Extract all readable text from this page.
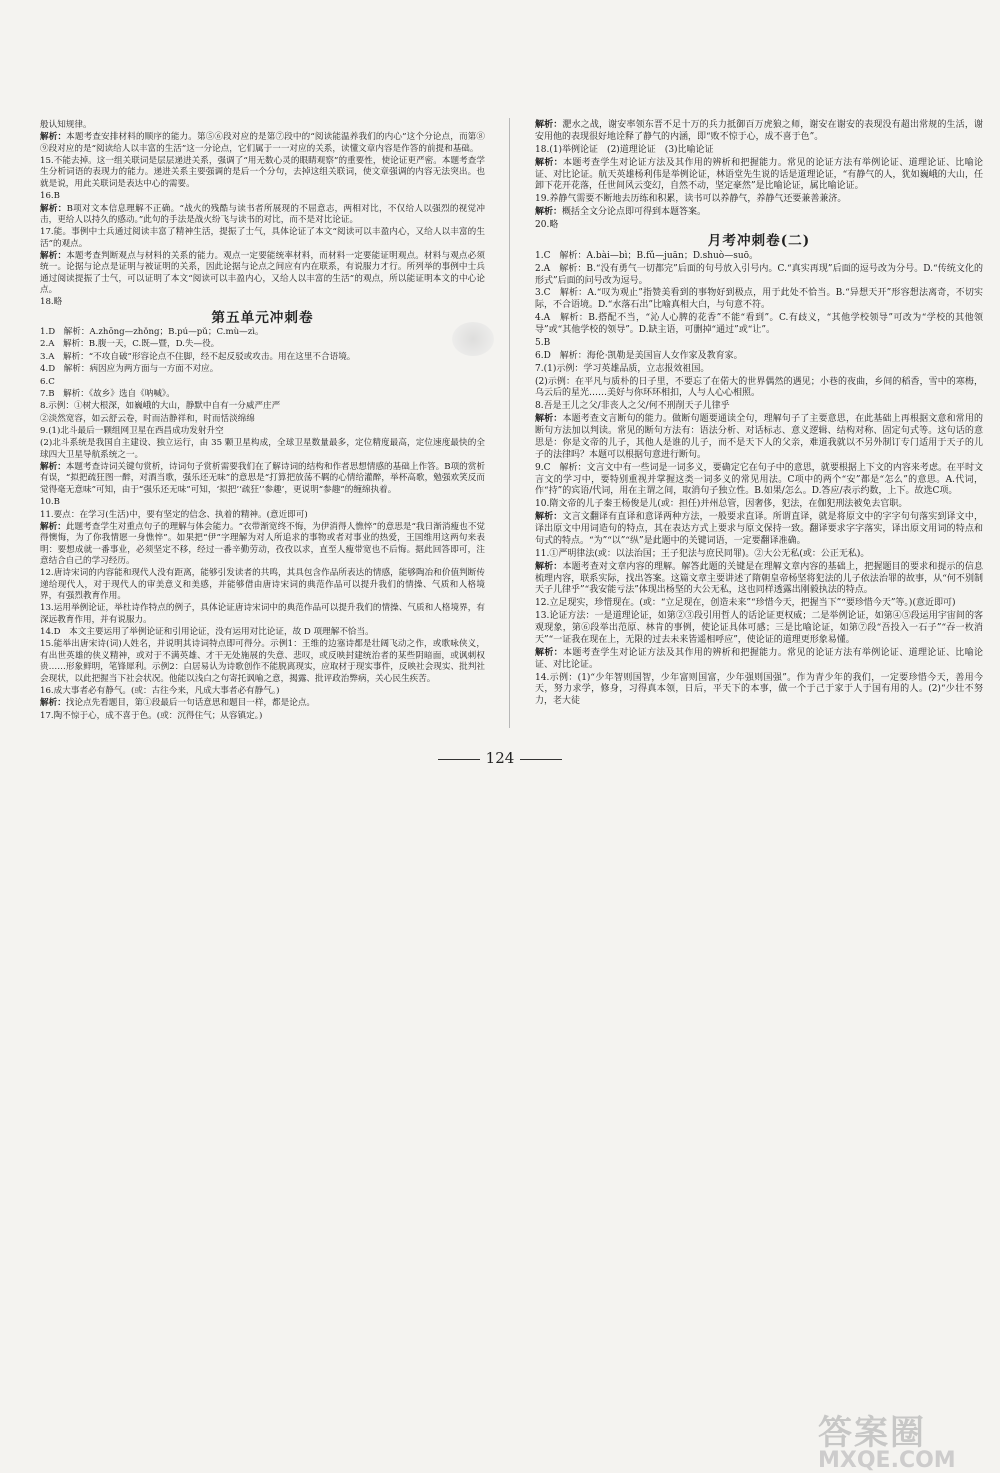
般认知规律。
解析：本题考查安排材料的顺序的能力。第⑤⑥段对应的是第⑦段中的“阅读能温养我们的内心”这个分论点，而第⑧⑨段对应的是“阅读给人以丰富的生活”这一分论点，它们属于一一对应的关系，读懂文章内容是作答的前提和基础。
15.不能去掉。这一组关联词是层层递进关系，强调了“用无数心灵的眼睛观察”的重要性，使论证更严密。本题考查学生分析词语的表现力的能力。递进关系主要强调的是后一个分句，去掉这组关联词，使文章强调的内容无法突出。也就是说，用此关联词是表达中心的需要。
16.B　
解析：B项对文本信息理解不正确。“战火的残酷与读书者所展现的不屈意志，两相对比，不仅给人以强烈的视觉冲击，更给人以持久的感动。”此句的手法是战火纷飞与读书的对比，而不是对比论证。
17.能。事例中士兵通过阅读丰富了精神生活，提振了士气，具体论证了本文“阅读可以丰盈内心，又给人以丰富的生活”的观点。
解析：本题考查判断观点与材料的关系的能力。观点一定要能统率材料，而材料一定要能证明观点。材料与观点必须统一。论据与论点是证明与被证明的关系，因此论据与论点之间应有内在联系，有说服力才行。所列举的事例中士兵通过阅读提振了士气，可以证明了本文“阅读可以丰盈内心，又给人以丰富的生活”的观点，所以能证明本文的中心论点。
18.略
第五单元冲刺卷
1.D　解析：A.zhōng—zhǒng；B.pú—pǔ；C.mù—zì。
2.A　解析：B.腹一天，C.既—暨，D.失—役。
3.A　解析：“不攻自破”形容论点不住脚，经不起反驳或攻击。用在这里不合语境。
4.D　解析：病因应为两方面与一方面不对应。
6.C
7.B　解析：《故乡》选自《呐喊》。
8.示例：①树大根深，如巍峨的大山，静默中自有一分威严庄严
②淡然宽容，如云舒云卷，时而洁静祥和，时而恬淡绵绵
9.(1)北斗最后一颗组网卫星在西昌成功发射升空
(2)北斗系统是我国自主建设、独立运行，由 35 颗卫星构成，全球卫星数量最多，定位精度最高，定位速度最快的全球四大卫星导航系统之一。
解析：本题考查诗词关键句赏析，诗词句子赏析需要我们在了解诗词的结构和作者思想情感的基础上作答。B项的赏析有误，“拟把疏狂图一醉，对酒当歌，强乐还无味”的意思是“打算把放荡不羁的心情给灌醉，举杯高歌，勉强欢笑反而觉得毫无意味”可知，由于“强乐还无味”可知，‘拟把’‘疏狂’‘参趣’，更说明“参趣”的缠绵执着。
10.B
11.要点：在学习(生活)中，要有坚定的信念、执着的精神。(意近即可)
解析：此题考查学生对重点句子的理解与体会能力。“衣带渐宽终不悔，为伊消得人憔悴”的意思是“我日渐消瘦也不觉得懊悔，为了你我情愿一身憔悴”。如果把“伊”字理解为对人所追求的事物或者对事业的热爱，王国维用这两句来表明：要想成就一番事业，必须坚定不移，经过一番辛勤劳动，孜孜以求，直至人瘦带宽也不后悔。据此回答即可，注意结合自己的学习经历。
12.唐诗宋词的内容能和现代人没有距离，能够引发读者的共鸣，其具包含作品所表达的情感，能够陶冶和价值判断传递给现代人，对于现代人的审美意义和美感，并能够借由唐诗宋词的典范作品可以提升我们的情操、气质和人格境界，有强烈教育作用。
13.运用举例论证，举杜诗作特点的例子，具体论证唐诗宋词中的典范作品可以提升我们的情操、气质和人格境界，有深远教育作用，并有说服力。
14.D　本文主要运用了举例论证和引用论证，没有运用对比论证，故 D 项理解不恰当。
15.能举出唐宋诗(词)人姓名，并说明其诗词特点即可得分。示例1：王维的边塞诗都是壮阔飞动之作，或歌咏侠义，有出世英雄的侠义精神，或对于不满英雄、才干无处施展的失意、悲叹，或反映封建统治者的某些阴暗面，或讽刺权贵……形象鲜明，笔锋犀利。示例2：白居易认为诗歌创作不能脱离现实，应取材于现实事件，反映社会现实、批判社会现状，以此把握当下社会状况。他能以浅白之句寄托讽喻之意，揭露、批评政治弊病，关心民生疾苦。
16.成大事者必有静气。(或：古往今来，凡成大事者必有静气。)
解析：找论点先看题目，第①段最后一句话意思和题目一样，都是论点。
17.陶不惊于心，成不喜于色。(或：沉得住气；从容镇定。)
解析：淝水之战，谢安率领东晋不足十万的兵力抵御百万虎狼之师，谢安在谢安的表现没有超出常规的生活，谢安用他的表现很好地诠释了静气的内涵，即“败不惊于心，成不喜于色”。
18.(1)举例论证　(2)道理论证　(3)比喻论证
解析：本题考查学生对论证方法及其作用的辨析和把握能力。常见的论证方法有举例论证、道理论证、比喻论证、对比论证。航天英雄杨利伟是举例论证，林语堂先生说的话是道理论证，“有静气的人，犹如巍峨的大山，任卸下花开花落，任世间风云变幻，自然不动，坚定豪然”是比喻论证，属比喻论证。
19.养静气需要不断地去历练和积累，读书可以养静气，养静气还要兼善兼济。
解析：概括全文分论点即可得到本题答案。
20.略
月考冲刺卷(二)
1.C　解析：A.bài—bì；B.fǔ—juān；D.shuò—suō。
2.A　解析：B.“没有勇气一切都完”后面的句号放入引号内。C.“真实再现”后面的逗号改为分号。D.“传统文化的形式”后面的问号改为逗号。
3.C　解析：A.“叹为观止”指赞美看到的事物好到极点，用于此处不恰当。B.“异想天开”形容想法离奇，不切实际，不合语境。D.“水落石出”比喻真相大白，与句意不符。
4.A　解析：B.搭配不当，“沁人心脾的花香”不能“看到”。C.有歧义，“其他学校领导”可改为“学校的其他领导”或“其他学校的领导”。D.缺主语，可删掉“通过”或“让”。
5.B
6.D　解析：海伦·凯勒是美国盲人女作家及教育家。
7.(1)示例：学习英雄品质，立志报效祖国。
(2)示例：在平凡与质朴的日子里，不要忘了在偌大的世界偶然的遇见；小巷的夜曲，乡间的稻香，雪中的寒梅，乌云后的星光……美好与你环环相扣，人与人心心相照。
8.吾是王儿之父/非丧人之父/何不刑削天子儿律乎
解析：本题考查文言断句的能力。做断句题要通读全句，理解句子了主要意思，在此基础上再根据文意和常用的断句方法加以判读。常见的断句方法有：语法分析、对话标志、意义逻辑、结构对称、固定句式等。这句话的意思是：你是文帝的儿子，其他人是谁的儿子，而不是天下人的父亲，难道我就以不另外制订专门适用于天子的儿子的法律吗？本题可以根据句意进行断句。
9.C　解析：文言文中有一些词是一词多义，要确定它在句子中的意思，就要根据上下文的内容来考虑。在平时文言文的学习中，要特别重视并掌握这类一词多义的常见用法。C项中的两个“安”都是“怎么”的意思。A.代词，作“持”的宾语/代词，用在主谓之间，取消句子独立性。B.如果/怎么。D.答应/表示约数，上下。故选C项。
10.隋文帝的儿子秦王杨俊是儿(或：担任)并州总管，因奢侈，犯法，在伽犯刑法被免去官职。
解析：文言文翻译有直译和意译两种方法，一般要求直译。所谓直译，就是将原文中的字字句句落实到译文中，译出原文中用词造句的特点，其在表达方式上要求与原文保持一致。翻译要求字字落实，译出原文用词的特点和句式的特点。“为”“以”“纵”是此题中的关键词语，一定要翻译准确。
11.①严明律法(或：以法治国；王子犯法与庶民同罪)。②大公无私(或：公正无私)。
解析：本题考查对文章内容的理解。解答此题的关键是在理解文章内容的基础上，把握题目的要求和提示的信息梳理内容，联系实际，找出答案。这篇文章主要讲述了隋朝皇帝杨坚将犯法的儿子依法治罪的故事，从“何不别制天子儿律乎”“我安能亏法”体现出杨坚的大公无私，这也同样透露出刚毅执法的特点。
12.立足现实，珍惜现在。(或：“立足现在，创造未来”“珍惜今天，把握当下”“要珍惜今天”等。)(意近即可)
13.论证方法：一是道理论证，如第②③段引用哲人的话论证更权威；二是举例论证，如第④⑤段运用宇宙间的客观现象，第⑥段举出范原、林肯的事例，使论证具体可感；三是比喻论证，如第⑦段“吾投入一石子”“吞一枚消天”“一证我在现在上，无限的过去未来皆遥相呼应”，使论证的道理更形象易懂。
解析：本题考查学生对论证方法及其作用的辨析和把握能力。常见的论证方法有举例论证、道理论证、比喻论证、对比论证。
14.示例：(1)“少年智则国智，少年富则国富，少年强则国强”。作为青少年的我们，一定要珍惜今天，善用今天，努力求学，修身，习得真本领，日后，平天下的本事，做一个于己于家于人于国有用的人。(2)“少壮不努力，老大徒
124
答案圈
MXQE.COM
